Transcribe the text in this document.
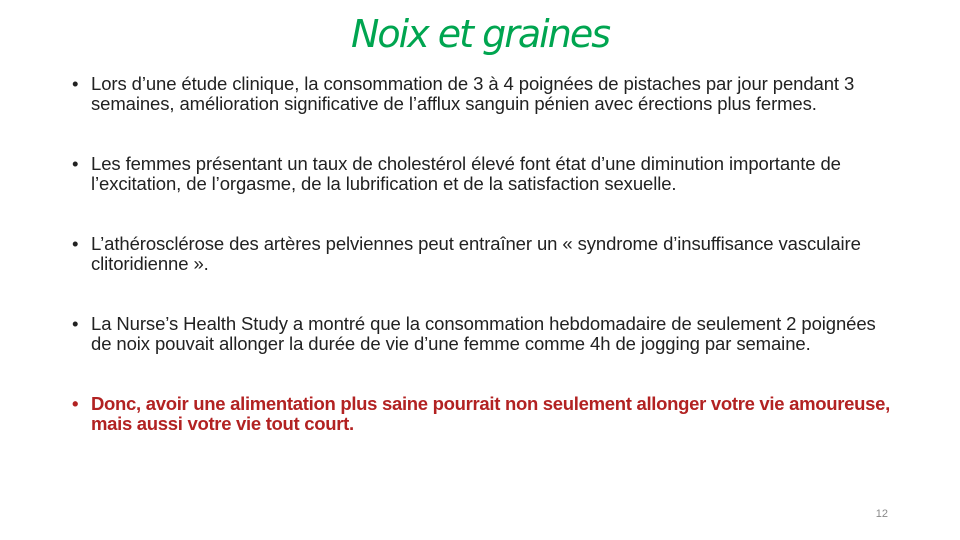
Noix et graines
• Lors d’une étude clinique, la consommation de 3 à 4 poignées de pistaches par jour pendant 3 semaines, amélioration significative de l’afflux sanguin pénien avec érections plus fermes.
• Les femmes présentant un taux de cholestérol élevé font état d’une diminution importante de l’excitation, de l’orgasme, de la lubrification et de la satisfaction sexuelle.
• L’athérosclérose des artères pelviennes peut entraîner un « syndrome d’insuffisance vasculaire clitoridienne ».
• La Nurse’s Health Study a montré que la consommation hebdomadaire de seulement 2 poignées de noix pouvait allonger la durée de vie d’une femme comme 4h de jogging par semaine.
• Donc, avoir une alimentation plus saine pourrait non seulement allonger votre vie amoureuse, mais aussi votre vie tout court.
12
